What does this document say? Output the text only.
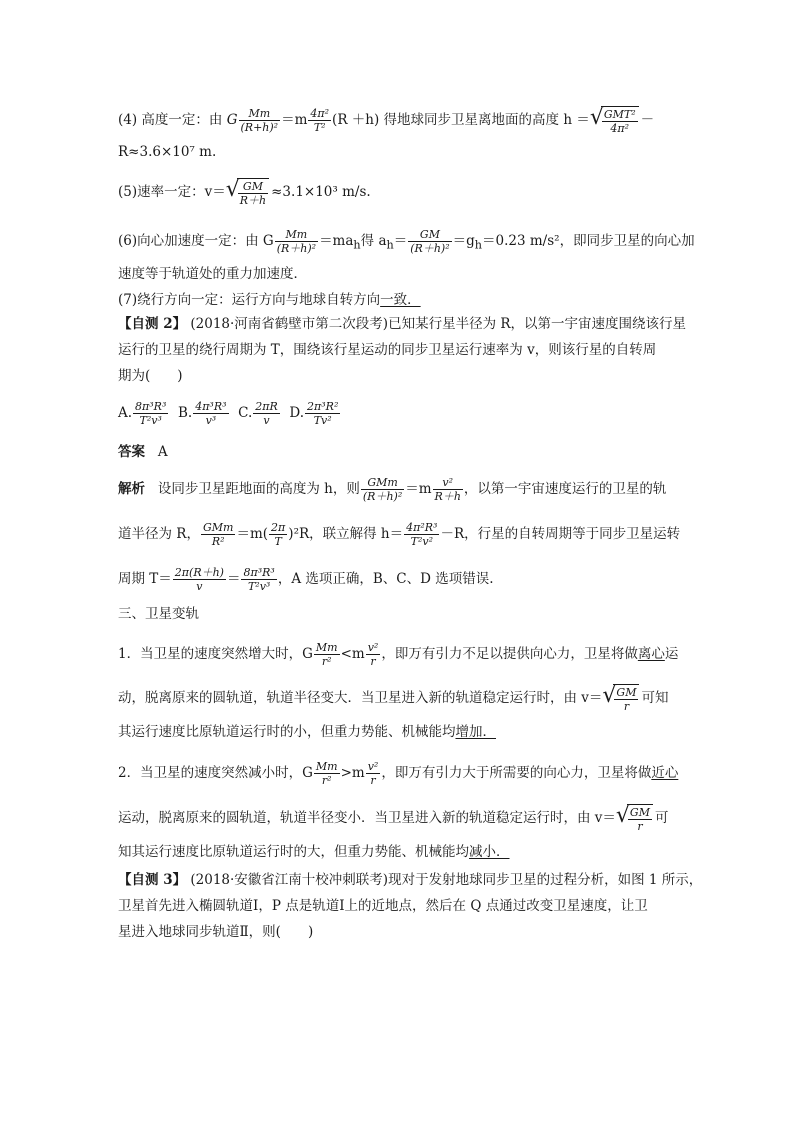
(4) 高度一定：由 G $\frac{Mm}{\text{(R+h)²}} =m \frac{\text{4π²}}{\text{T²}} (R +h)$ 得地球同步卫星离地面的高度 h ＝ √ $\frac{\text{GMT²}}{\text{4π²}}$ －
R≈3.6×10⁷ m.
(5)速率一定：v＝ √ $\frac{GM}{R+h} \approx 3.1\times 10^3$ m/s.
(6)向心加速度一定：由 G $\frac{Mm}{\text{(R＋h)²}} =ma_h$得 $a_h= \frac{GM}{\text{(R＋h)²}} =g_h=0.23$ m/s²，即同步卫星的向心加
速度等于轨道处的重力加速度．
(7)绕行方向一定：运行方向与地球自转方向一致．
【自测 2】 (2018·河南省鹤壁市第二次段考)已知某行星半径为 R，以第一宇宙速度围绕该行星
运行的卫星的绕行周期为 T，围绕该行星运动的同步卫星运行速率为 v，则该行星的自转周
期为(　　)
A. $\frac{\text{8π³R³}}{\text{T²v³}} B$. $\frac{\text{4π³R³}}{\text{v³}} C$. $\frac{2\pi R}{v} D$. $\frac{\text{2π³R²}}{\text{Tv²}}$
答案 A
解析 设同步卫星距地面的高度为 h，则 $\frac{\text{GMm}}{\text{(R＋h)²}} =m \frac{\text{v²}}{R+h}$ ，以第一宇宙速度运行的卫星的轨
道半径为 R， $\frac{\text{GMm}}{\text{R²}} =m( \frac{2\pi}{T} )^2R$，联立解得 $h= \frac{\text{4π²R³}}{\text{T²v²}} -R$，行星的自转周期等于同步卫星运转
周期 $T= \frac{2\pi(R+h)}{v} = \frac{\text{8π³R³}}{\text{T²v³}}$ ，A 选项正确，B、C、D 选项错误.
三、卫星变轨
1．当卫星的速度突然增大时，G $\frac{Mm}{\text{r²}} <m \frac{\text{v²}}{r}$ ，即万有引力不足以提供向心力，卫星将做离心运
动，脱离原来的圆轨道，轨道半径变大．当卫星进入新的轨道稳定运行时，由 v＝ √ $\frac{GM}{r}$ 可知
其运行速度比原轨道运行时的小，但重力势能、机械能均增加．
2．当卫星的速度突然减小时，G $\frac{Mm}{\text{r²}} >m \frac{\text{v²}}{r}$ ，即万有引力大于所需要的向心力，卫星将做近心
运动，脱离原来的圆轨道，轨道半径变小．当卫星进入新的轨道稳定运行时，由 v＝ √ $\frac{GM}{r}$ 可
知其运行速度比原轨道运行时的大，但重力势能、机械能均减小．
【自测 3】 (2018·安徽省江南十校冲刺联考)现对于发射地球同步卫星的过程分析，如图 1 所示，
卫星首先进入椭圆轨道Ⅰ，P 点是轨道Ⅰ上的近地点，然后在 Q 点通过改变卫星速度，让卫
星进入地球同步轨道Ⅱ，则(　　)
